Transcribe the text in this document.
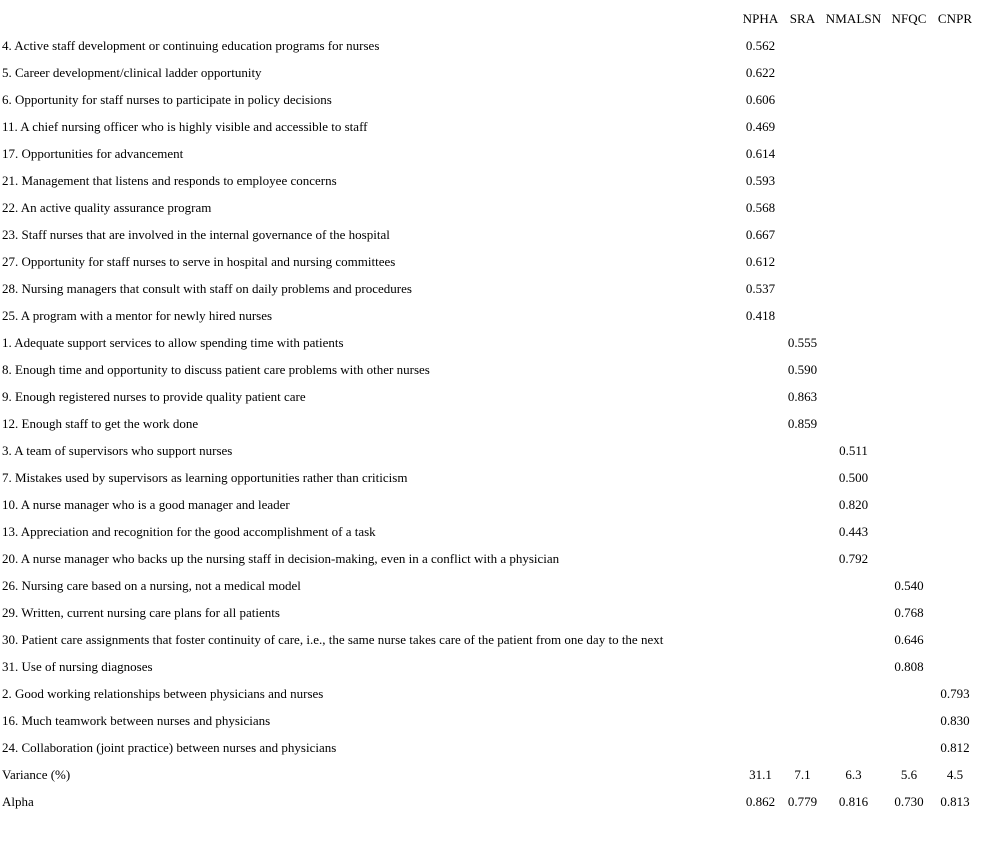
	NPHA	SRA	NMALSN	NFQC	CNPR
4. Active staff development or continuing education programs for nurses	0.562				
5. Career development/clinical ladder opportunity	0.622				
6. Opportunity for staff nurses to participate in policy decisions	0.606				
11. A chief nursing officer who is highly visible and accessible to staff	0.469				
17. Opportunities for advancement	0.614				
21. Management that listens and responds to employee concerns	0.593				
22. An active quality assurance program	0.568				
23. Staff nurses that are involved in the internal governance of the hospital	0.667				
27. Opportunity for staff nurses to serve in hospital and nursing committees	0.612				
28. Nursing managers that consult with staff on daily problems and procedures	0.537				
25. A program with a mentor for newly hired nurses	0.418				
1. Adequate support services to allow spending time with patients		0.555			
8. Enough time and opportunity to discuss patient care problems with other nurses		0.590			
9. Enough registered nurses to provide quality patient care		0.863			
12. Enough staff to get the work done		0.859			
3. A team of supervisors who support nurses			0.511		
7. Mistakes used by supervisors as learning opportunities rather than criticism			0.500		
10. A nurse manager who is a good manager and leader			0.820		
13. Appreciation and recognition for the good accomplishment of a task			0.443		
20. A nurse manager who backs up the nursing staff in decision-making, even in a conflict with a physician			0.792		
26. Nursing care based on a nursing, not a medical model				0.540	
29. Written, current nursing care plans for all patients				0.768	
30. Patient care assignments that foster continuity of care, i.e., the same nurse takes care of the patient from one day to the next				0.646	
31. Use of nursing diagnoses				0.808	
2. Good working relationships between physicians and nurses					0.793
16. Much teamwork between nurses and physicians					0.830
24. Collaboration (joint practice) between nurses and physicians					0.812
Variance (%)	31.1	7.1	6.3	5.6	4.5
Alpha	0.862	0.779	0.816	0.730	0.813
